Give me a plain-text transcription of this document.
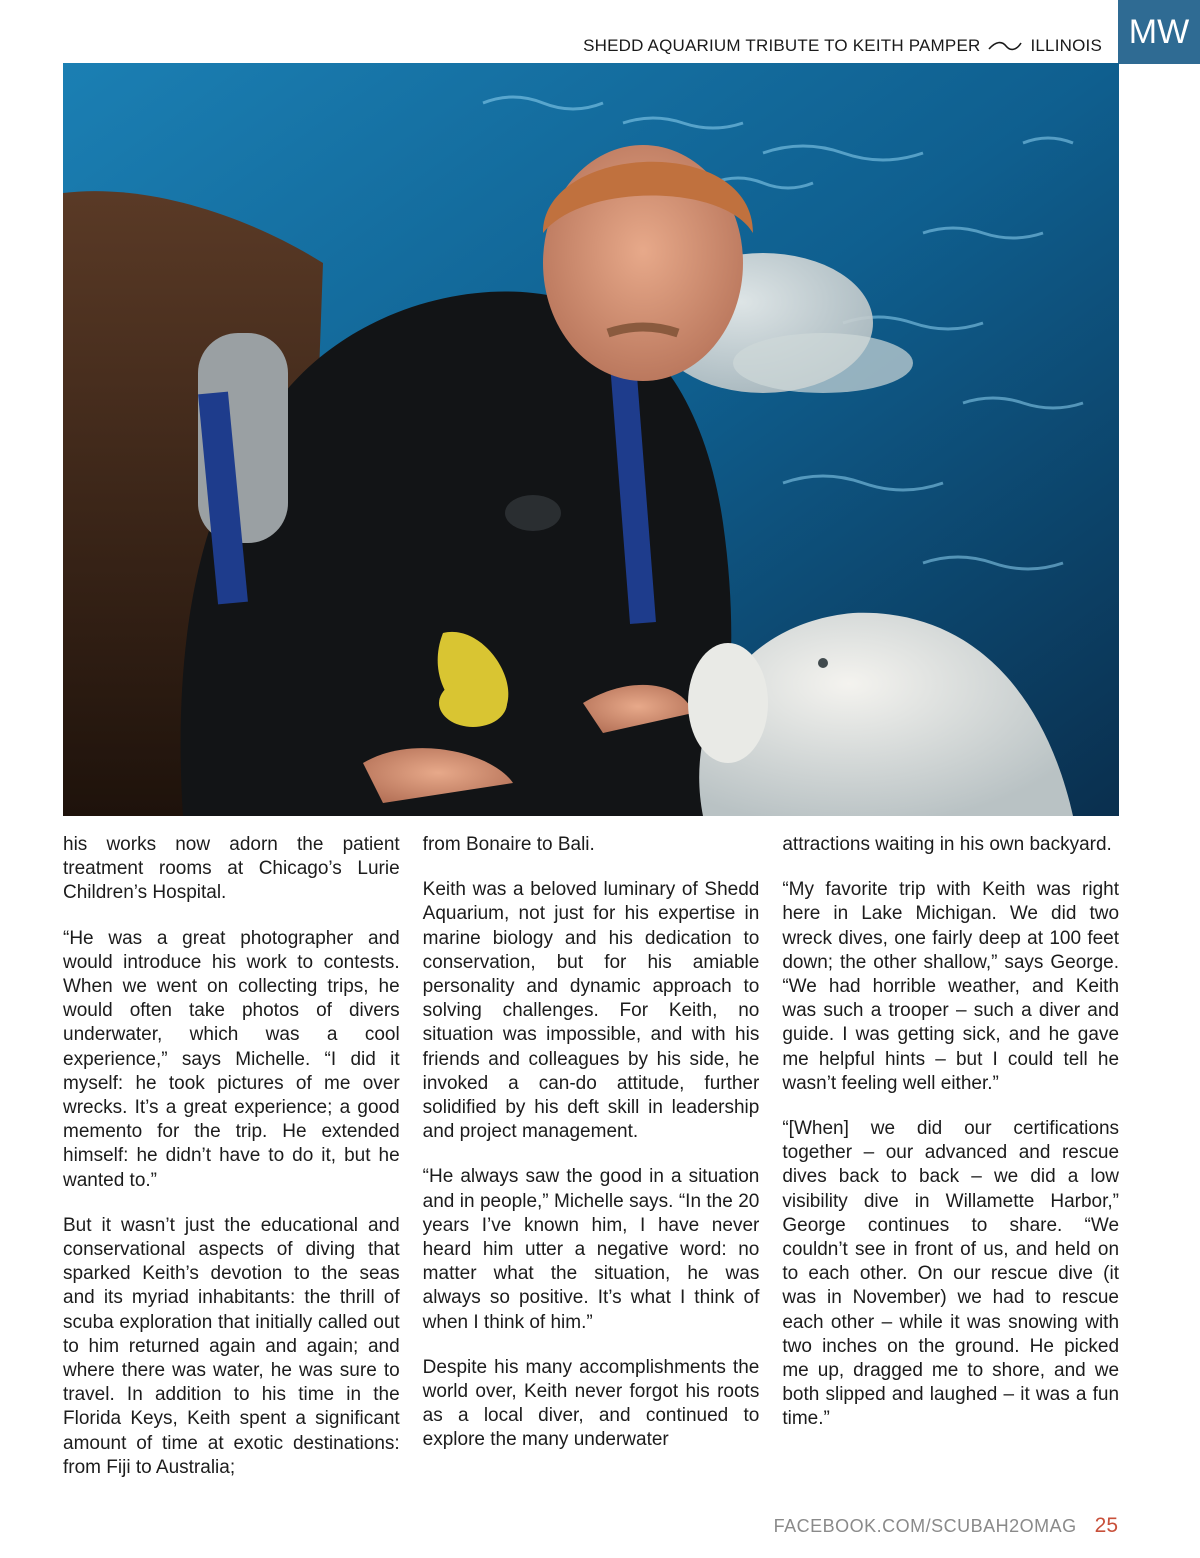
SHEDD AQUARIUM TRIBUTE TO KEITH PAMPER	ILLINOIS MW

his works now adorn the patient treatment rooms at Chicago’s Lurie Children’s Hospital.

“He was a great photographer and would introduce his work to contests. When we went on collecting trips, he would often take photos of divers underwater, which was a cool experience,” says Michelle. “I did it myself: he took pictures of me over wrecks. It’s a great experience; a good memento for the trip. He extended himself: he didn’t have to do it, but he wanted to.”

But it wasn’t just the educational and conservational aspects of diving that sparked Keith’s devotion to the seas and its myriad inhabitants: the thrill of scuba exploration that initially called out to him returned again and again; and where there was water, he was sure to travel. In addition to his time in the Florida Keys, Keith spent a significant amount of time at exotic destinations: from Fiji to Australia;

from Bonaire to Bali.

Keith was a beloved luminary of Shedd Aquarium, not just for his expertise in marine biology and his dedication to conservation, but for his amiable personality and dynamic approach to solving challenges. For Keith, no situation was impossible, and with his friends and colleagues by his side, he invoked a can-do attitude, further solidified by his deft skill in leadership and project management.

“He always saw the good in a situation and in people,” Michelle says. “In the 20 years I’ve known him, I have never heard him utter a negative word: no matter what the situation, he was always so positive. It’s what I think of when I think of him.”

Despite his many accomplishments the world over, Keith never forgot his roots as a local diver, and continued to explore the many underwater

attractions waiting in his own backyard.

“My favorite trip with Keith was right here in Lake Michigan. We did two wreck dives, one fairly deep at 100 feet down; the other shallow,” says George. “We had horrible weather, and Keith was such a trooper – such a diver and guide. I was getting sick, and he gave me helpful hints – but I could tell he wasn’t feeling well either.”

“[When] we did our certifications together – our advanced and rescue dives back to back – we did a low visibility dive in Willamette Harbor,” George continues to share. “We couldn’t see in front of us, and held on to each other. On our rescue dive (it was in November) we had to rescue each other – while it was snowing with two inches on the ground. He picked me up, dragged me to shore, and we both slipped and laughed – it was a fun time.”

FACEBOOK.COM/SCUBAH2OMAG 25
